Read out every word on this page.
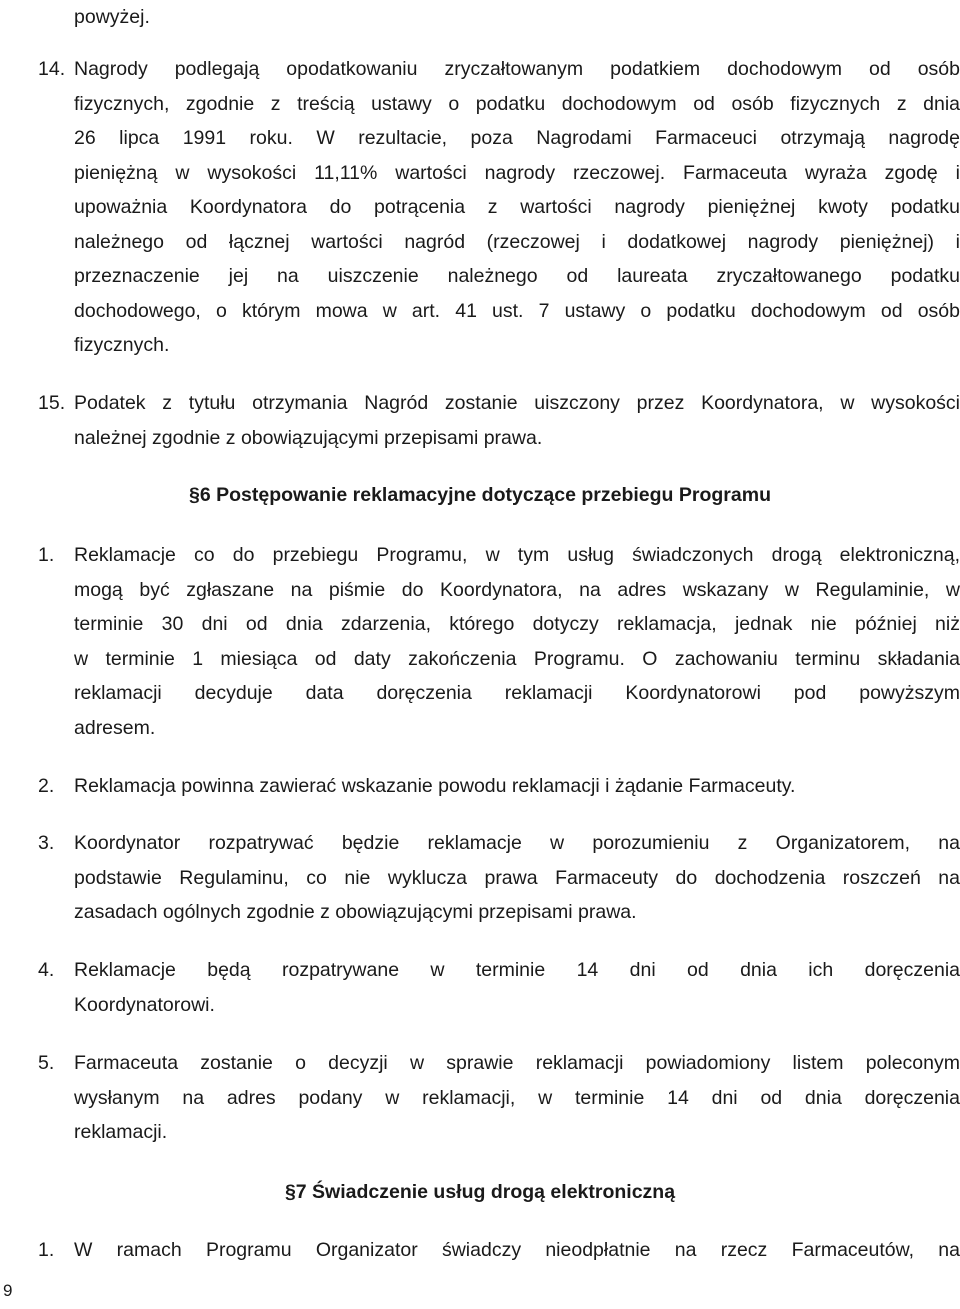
powyżej.
14. Nagrody podlegają opodatkowaniu zryczałtowanym podatkiem dochodowym od osób
fizycznych, zgodnie z treścią ustawy o podatku dochodowym od osób fizycznych z dnia
26 lipca 1991 roku. W rezultacie, poza Nagrodami Farmaceuci otrzymają nagrodę
pieniężną w wysokości 11,11% wartości nagrody rzeczowej. Farmaceuta wyraża zgodę i
upoważnia Koordynatora do potrącenia z wartości nagrody pieniężnej kwoty podatku
należnego od łącznej wartości nagród (rzeczowej i dodatkowej nagrody pieniężnej) i
przeznaczenie jej na uiszczenie należnego od laureata zryczałtowanego podatku
dochodowego, o którym mowa w art. 41 ust. 7 ustawy o podatku dochodowym od osób
fizycznych.
15. Podatek z tytułu otrzymania Nagród zostanie uiszczony przez Koordynatora, w wysokości
należnej zgodnie z obowiązującymi przepisami prawa.
§6 Postępowanie reklamacyjne dotyczące przebiegu Programu
1.	Reklamacje co do przebiegu Programu, w tym usług świadczonych drogą elektroniczną,
mogą być zgłaszane na piśmie do Koordynatora, na adres wskazany w Regulaminie, w
terminie 30 dni od dnia zdarzenia, którego dotyczy reklamacja, jednak nie później niż
w terminie 1 miesiąca od daty zakończenia Programu. O zachowaniu terminu składania
reklamacji decyduje data doręczenia reklamacji Koordynatorowi pod powyższym
adresem.
2.	Reklamacja powinna zawierać wskazanie powodu reklamacji i żądanie Farmaceuty.
3.	Koordynator rozpatrywać będzie reklamacje w porozumieniu z Organizatorem, na
podstawie Regulaminu, co nie wyklucza prawa Farmaceuty do dochodzenia roszczeń na
zasadach ogólnych zgodnie z obowiązującymi przepisami prawa.
4.	Reklamacje będą rozpatrywane w terminie 14 dni od dnia ich doręczenia
Koordynatorowi.
5.	Farmaceuta zostanie o decyzji w sprawie reklamacji powiadomiony listem poleconym
wysłanym na adres podany w reklamacji, w terminie 14 dni od dnia doręczenia
reklamacji.
§7 Świadczenie usług drogą elektroniczną
1.	W ramach Programu Organizator świadczy nieodpłatnie na rzecz Farmaceutów, na
9
